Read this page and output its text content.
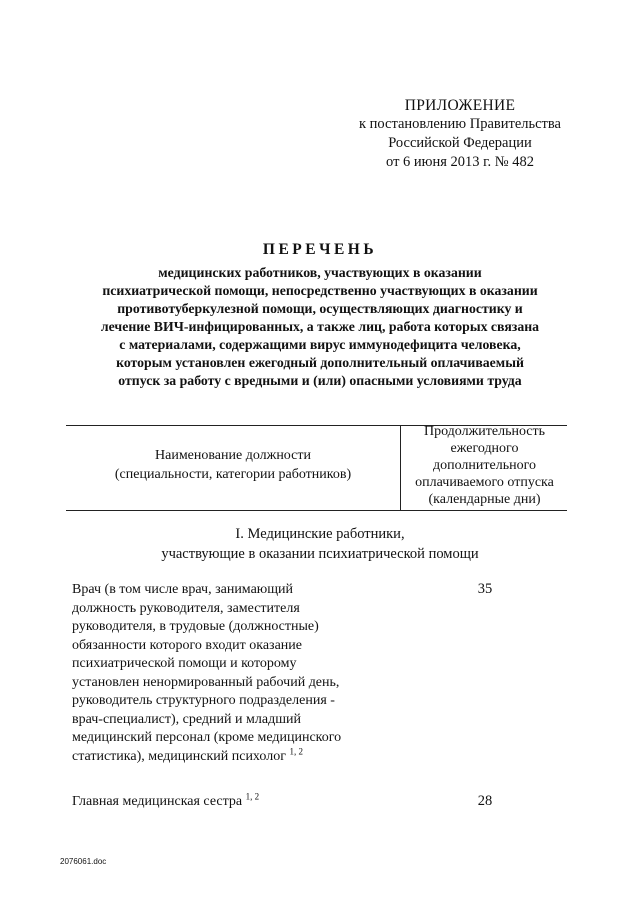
ПРИЛОЖЕНИЕ
к постановлению Правительства
Российской Федерации
от 6 июня 2013 г. № 482
ПЕРЕЧЕНЬ
медицинских работников, участвующих в оказании
психиатрической помощи, непосредственно участвующих в оказании
противотуберкулезной помощи, осуществляющих диагностику и
лечение ВИЧ-инфицированных, а также лиц, работа которых связана
с материалами, содержащими вирус иммунодефицита человека,
которым установлен ежегодный дополнительный оплачиваемый
отпуск за работу с вредными и (или) опасными условиями труда
Наименование должности
(специальности, категории работников)
Продолжительность
ежегодного
дополнительного
оплачиваемого отпуска
(календарные дни)
I. Медицинские работники,
участвующие в оказании психиатрической помощи
Врач (в том числе врач, занимающий
должность руководителя, заместителя
руководителя, в трудовые (должностные)
обязанности которого входит оказание
психиатрической помощи и которому
установлен ненормированный рабочий день,
руководитель структурного подразделения -
врач-специалист), средний и младший
медицинский персонал (кроме медицинского
статистика), медицинский психолог $^{1, 2}$
35
Главная медицинская сестра $^{1, 2}$	28
2076061.doc
